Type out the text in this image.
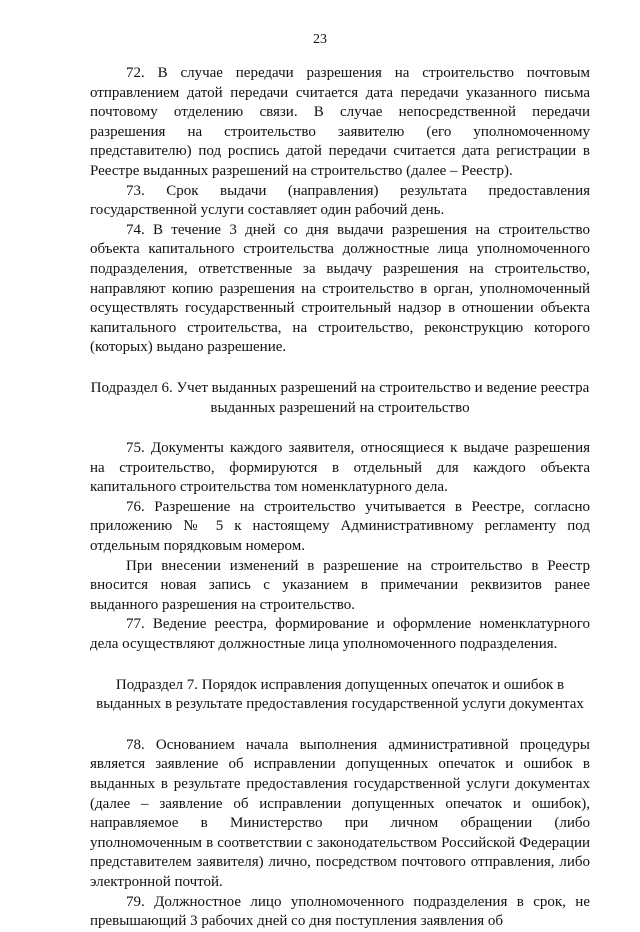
23

72. В случае передачи разрешения на строительство почтовым отправлением датой передачи считается дата передачи указанного письма почтовому отделению связи. В случае непосредственной передачи разрешения на строительство заявителю (его уполномоченному представителю) под роспись датой передачи считается дата регистрации в Реестре выданных разрешений на строительство (далее – Реестр).

73. Срок выдачи (направления) результата предоставления государственной услуги составляет один рабочий день.

74. В течение 3 дней со дня выдачи разрешения на строительство объекта капитального строительства должностные лица уполномоченного подразделения, ответственные за выдачу разрешения на строительство, направляют копию разрешения на строительство в орган, уполномоченный осуществлять государственный строительный надзор в отношении объекта капитального строительства, на строительство, реконструкцию которого (которых) выдано разрешение.

Подраздел 6. Учет выданных разрешений на строительство и ведение реестра выданных разрешений на строительство

75. Документы каждого заявителя, относящиеся к выдаче разрешения на строительство, формируются в отдельный для каждого объекта капитального строительства том номенклатурного дела.

76. Разрешение на строительство учитывается в Реестре, согласно приложению № 5 к настоящему Административному регламенту под отдельным порядковым номером.

При внесении изменений в разрешение на строительство в Реестр вносится новая запись с указанием в примечании реквизитов ранее выданного разрешения на строительство.

77. Ведение реестра, формирование и оформление номенклатурного дела осуществляют должностные лица уполномоченного подразделения.

Подраздел 7. Порядок исправления допущенных опечаток и ошибок в выданных в результате предоставления государственной услуги документах

78. Основанием начала выполнения административной процедуры является заявление об исправлении допущенных опечаток и ошибок в выданных в результате предоставления государственной услуги документах (далее – заявление об исправлении допущенных опечаток и ошибок), направляемое в Министерство при личном обращении (либо уполномоченным в соответствии с законодательством Российской Федерации представителем заявителя) лично, посредством почтового отправления, либо электронной почтой.

79. Должностное лицо уполномоченного подразделения в срок, не превышающий 3 рабочих дней со дня поступления заявления об
